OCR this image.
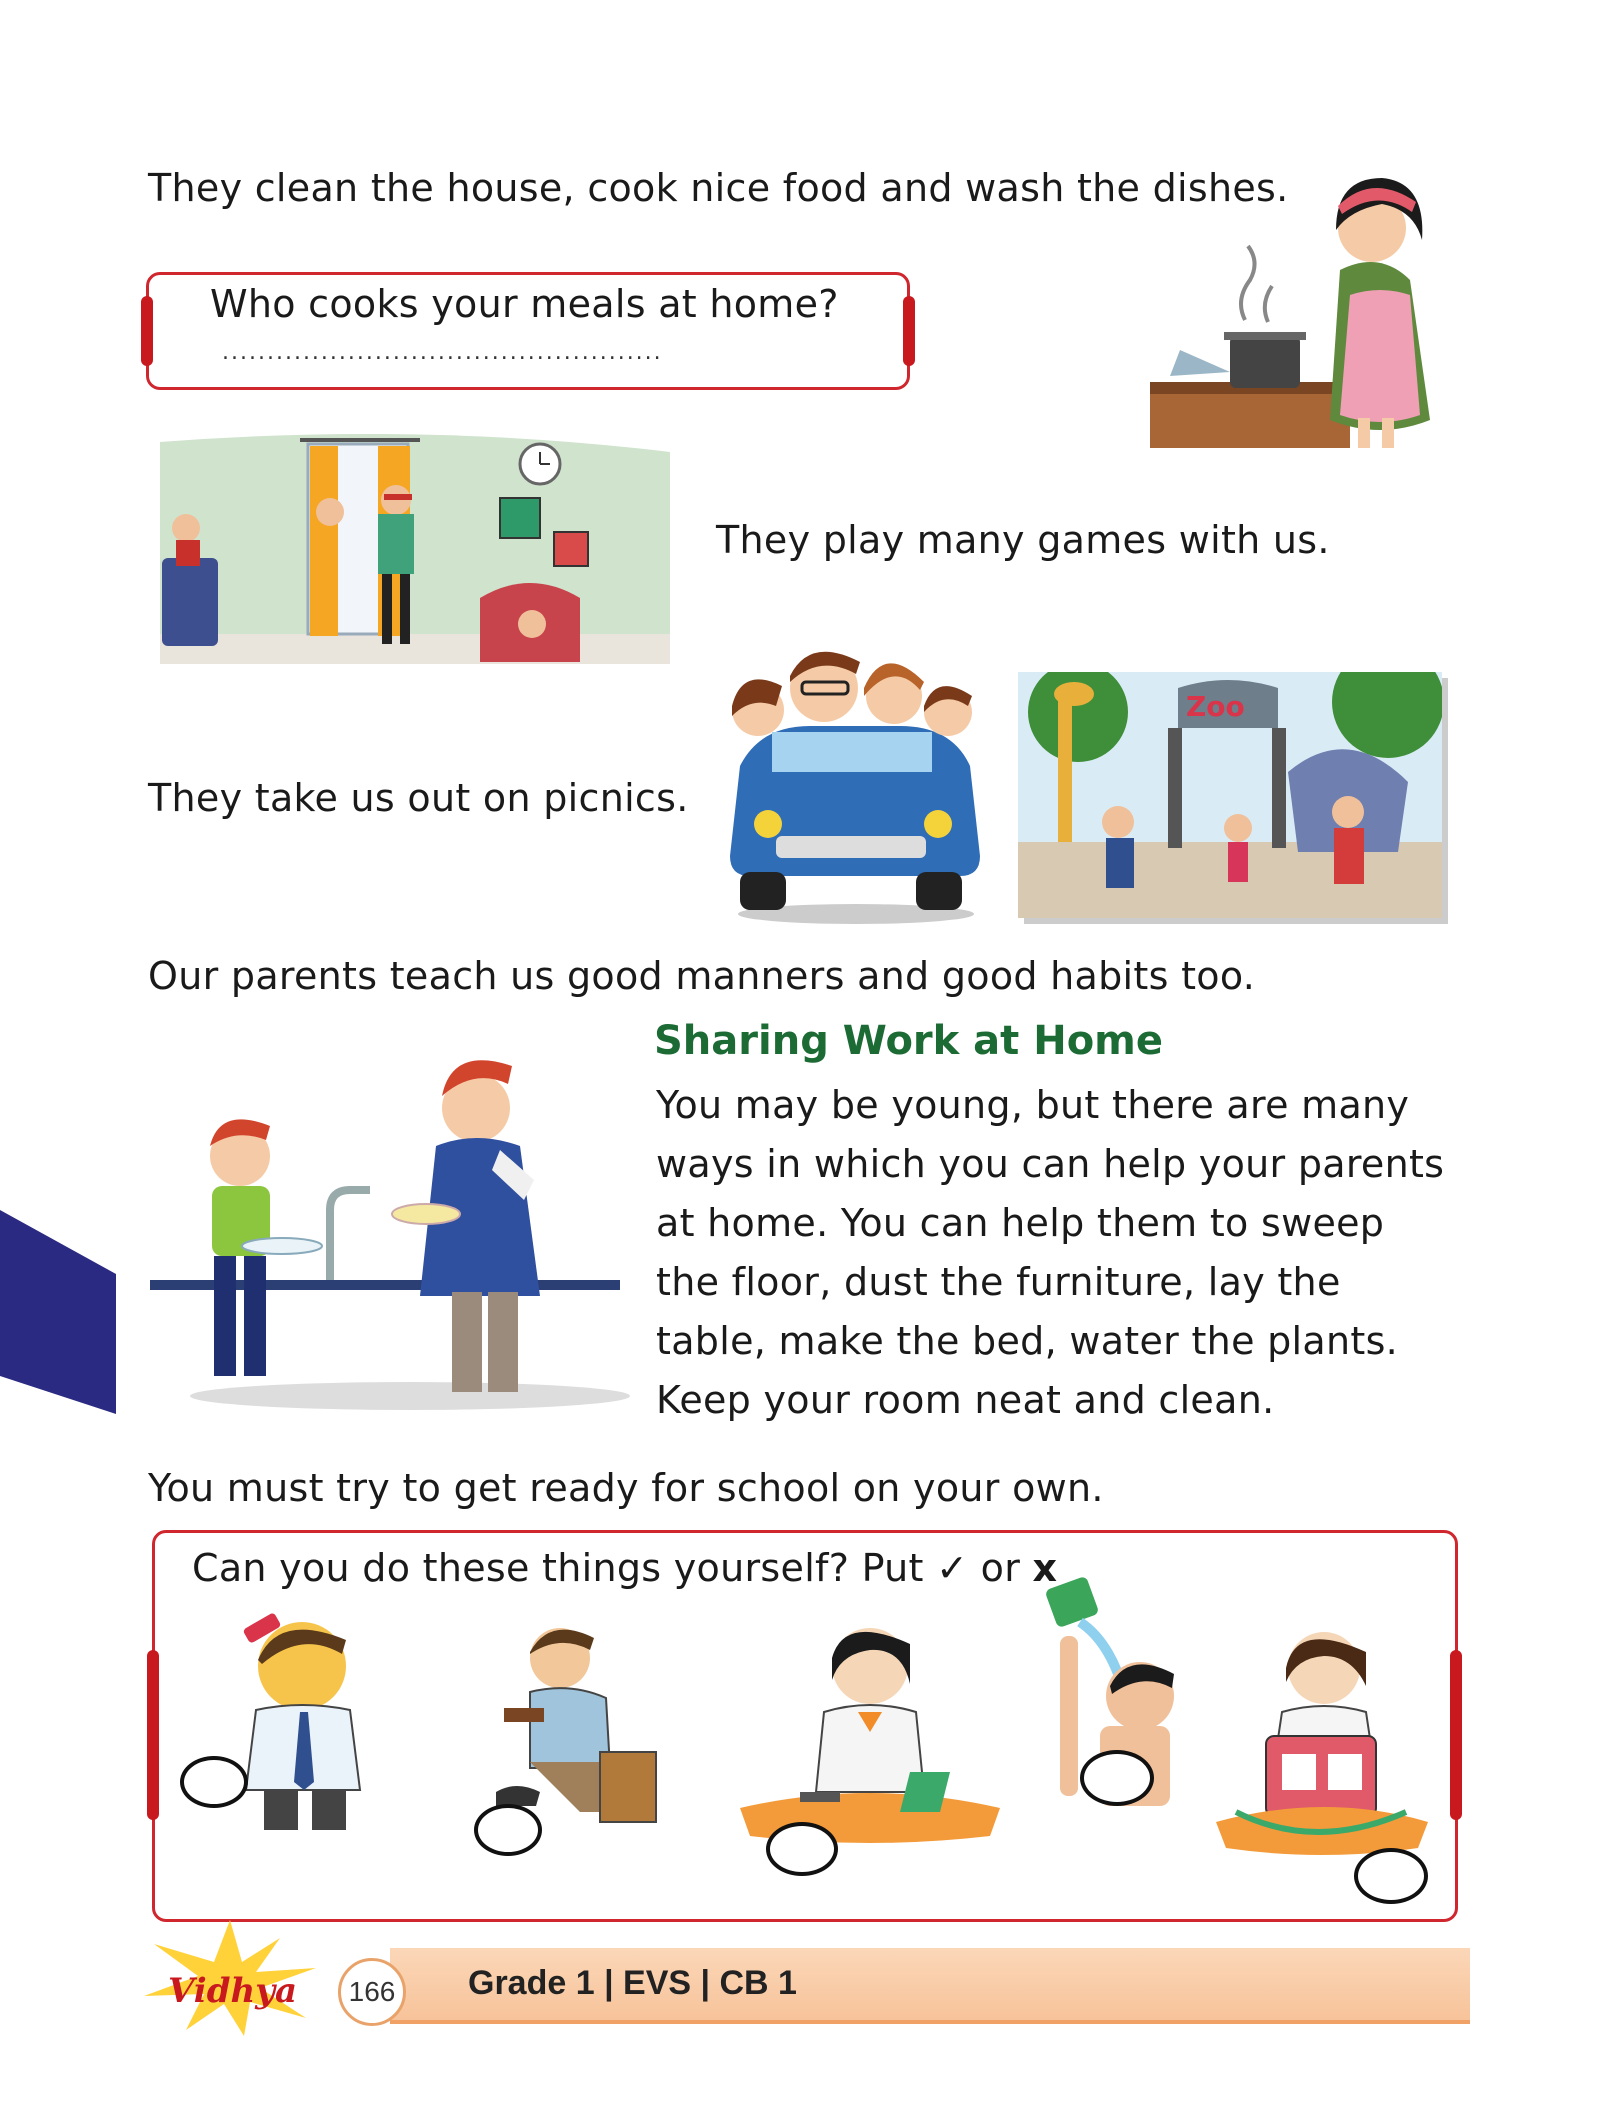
They clean the house, cook nice food and wash the dishes.
Who cooks your meals at home?
.................................................
They play many games with us.
Zoo
They take us out on picnics.
Our parents teach us good manners and good habits too.
Sharing Work at Home
You may be young, but there are many ways in which you can help your parents at home. You can help them to sweep the floor, dust the furniture, lay the table, make the bed, water the plants. Keep your room neat and clean.
You must try to get ready for school on your own.
Can you do these things yourself? Put ✓ or x
Vidhya	166	Grade 1 | EVS | CB 1
